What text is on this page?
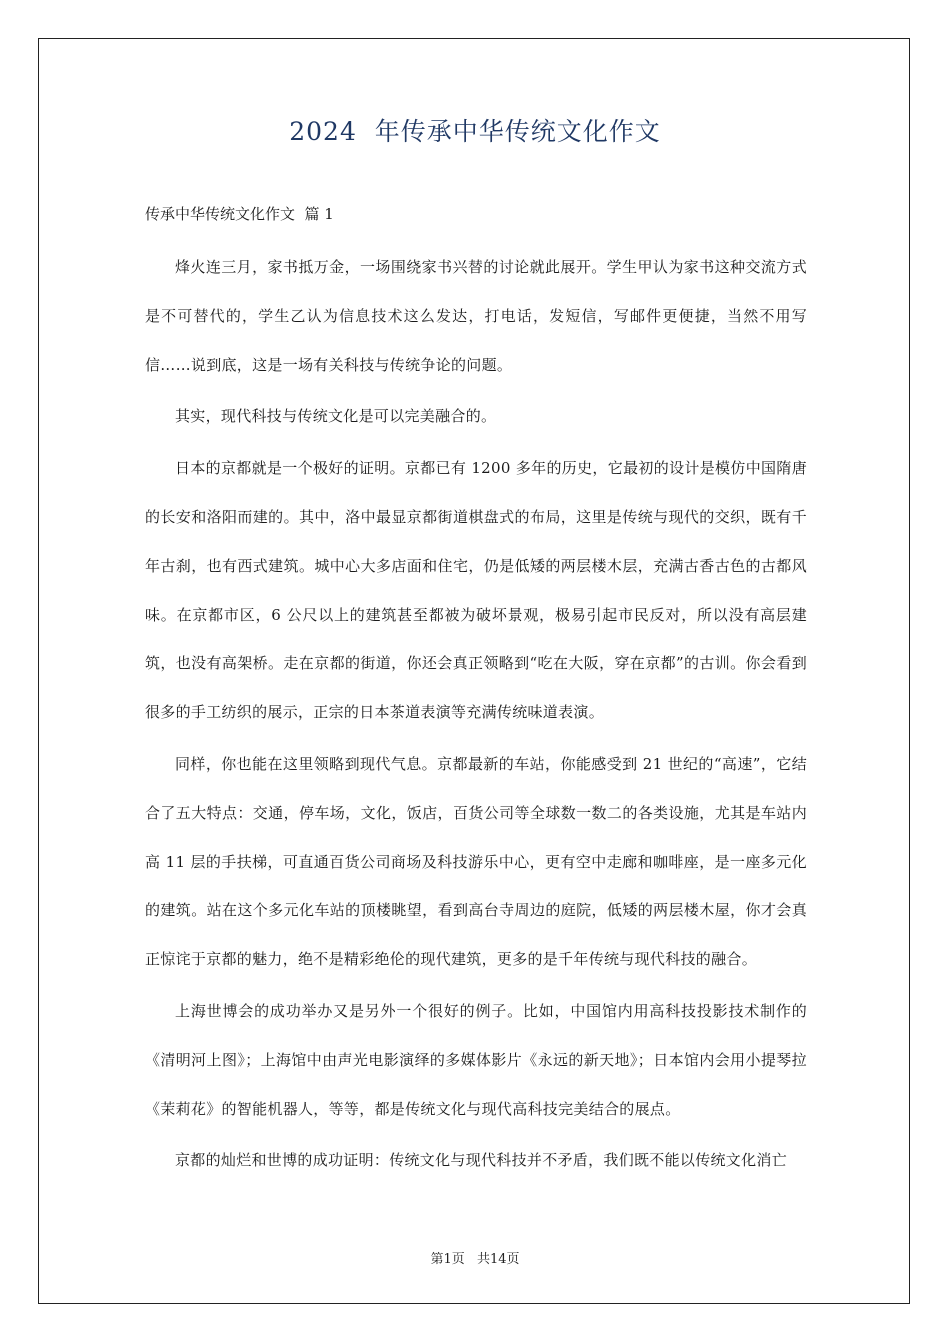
2024  年传承中华传统文化作文
传承中华传统文化作文  篇 1

烽火连三月，家书抵万金，一场围绕家书兴替的讨论就此展开。学生甲认为家书这种交流方式是不可替代的，学生乙认为信息技术这么发达，打电话，发短信，写邮件更便捷，当然不用写信……说到底，这是一场有关科技与传统争论的问题。

其实，现代科技与传统文化是可以完美融合的。

日本的京都就是一个极好的证明。京都已有 1200 多年的历史，它最初的设计是模仿中国隋唐的长安和洛阳而建的。其中，洛中最显京都街道棋盘式的布局，这里是传统与现代的交织，既有千年古刹，也有西式建筑。城中心大多店面和住宅，仍是低矮的两层楼木层，充满古香古色的古都风味。在京都市区，6 公尺以上的建筑甚至都被为破坏景观，极易引起市民反对，所以没有高层建筑，也没有高架桥。走在京都的街道，你还会真正领略到“吃在大阪，穿在京都”的古训。你会看到很多的手工纺织的展示，正宗的日本茶道表演等充满传统味道表演。

同样，你也能在这里领略到现代气息。京都最新的车站，你能感受到 21 世纪的“高速”，它结合了五大特点：交通，停车场，文化，饭店，百货公司等全球数一数二的各类设施，尤其是车站内高 11 层的手扶梯，可直通百货公司商场及科技游乐中心，更有空中走廊和咖啡座，是一座多元化的建筑。站在这个多元化车站的顶楼眺望，看到高台寺周边的庭院，低矮的两层楼木屋，你才会真正惊诧于京都的魅力，绝不是精彩绝伦的现代建筑，更多的是千年传统与现代科技的融合。

上海世博会的成功举办又是另外一个很好的例子。比如，中国馆内用高科技投影技术制作的《清明河上图》；上海馆中由声光电影演绎的多媒体影片《永远的新天地》；日本馆内会用小提琴拉《茉莉花》的智能机器人，等等，都是传统文化与现代高科技完美结合的展点。

京都的灿烂和世博的成功证明：传统文化与现代科技并不矛盾，我们既不能以传统文化消亡

第1页 共14页
